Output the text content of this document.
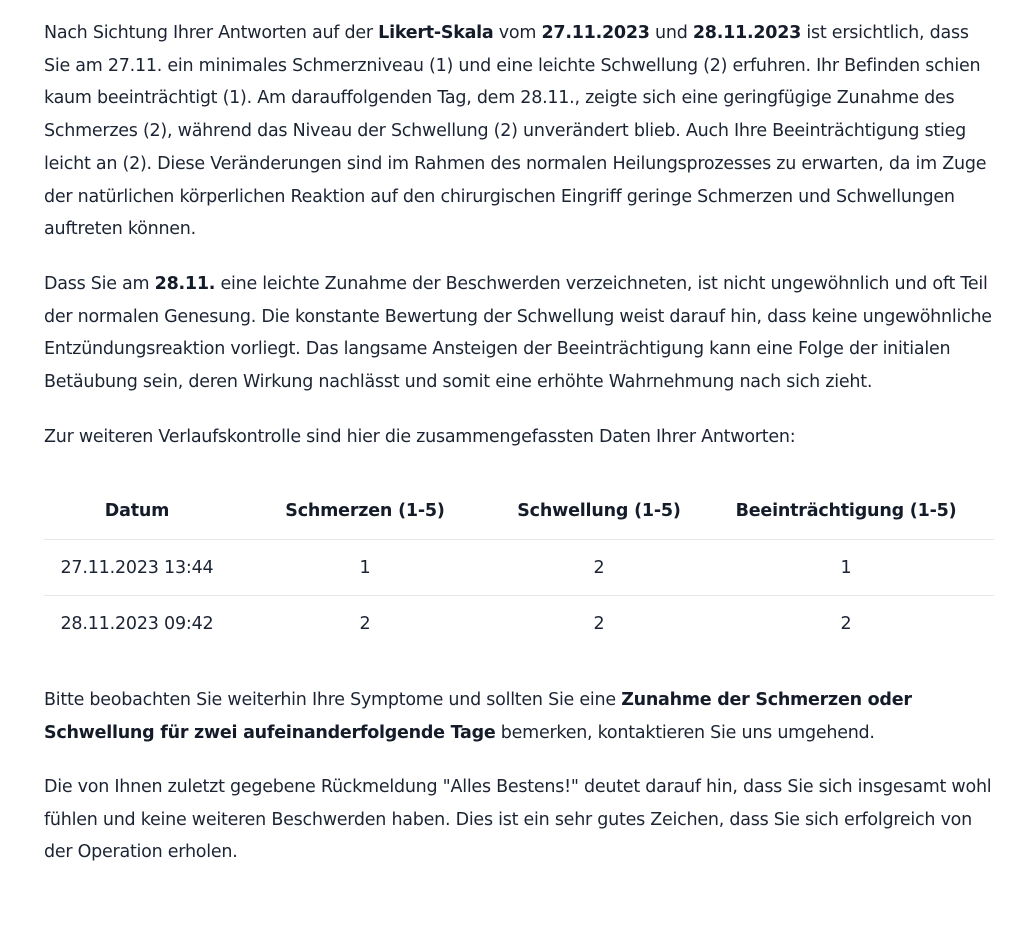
Nach Sichtung Ihrer Antworten auf der Likert-Skala vom 27.11.2023 und 28.11.2023 ist ersichtlich, dass Sie am 27.11. ein minimales Schmerzniveau (1) und eine leichte Schwellung (2) erfuhren. Ihr Befinden schien kaum beeinträchtigt (1). Am darauffolgenden Tag, dem 28.11., zeigte sich eine geringfügige Zunahme des Schmerzes (2), während das Niveau der Schwellung (2) unverändert blieb. Auch Ihre Beeinträchtigung stieg leicht an (2). Diese Veränderungen sind im Rahmen des normalen Heilungsprozesses zu erwarten, da im Zuge der natürlichen körperlichen Reaktion auf den chirurgischen Eingriff geringe Schmerzen und Schwellungen auftreten können.

Dass Sie am 28.11. eine leichte Zunahme der Beschwerden verzeichneten, ist nicht ungewöhnlich und oft Teil der normalen Genesung. Die konstante Bewertung der Schwellung weist darauf hin, dass keine ungewöhnliche Entzündungsreaktion vorliegt. Das langsame Ansteigen der Beeinträchtigung kann eine Folge der initialen Betäubung sein, deren Wirkung nachlässt und somit eine erhöhte Wahrnehmung nach sich zieht.

Zur weiteren Verlaufskontrolle sind hier die zusammengefassten Daten Ihrer Antworten:

Datum	Schmerzen (1-5)	Schwellung (1-5)	Beeinträchtigung (1-5)
27.11.2023 13:44	1	2	1
28.11.2023 09:42	2	2	2

Bitte beobachten Sie weiterhin Ihre Symptome und sollten Sie eine Zunahme der Schmerzen oder Schwellung für zwei aufeinanderfolgende Tage bemerken, kontaktieren Sie uns umgehend.

Die von Ihnen zuletzt gegebene Rückmeldung "Alles Bestens!" deutet darauf hin, dass Sie sich insgesamt wohl fühlen und keine weiteren Beschwerden haben. Dies ist ein sehr gutes Zeichen, dass Sie sich erfolgreich von der Operation erholen.
